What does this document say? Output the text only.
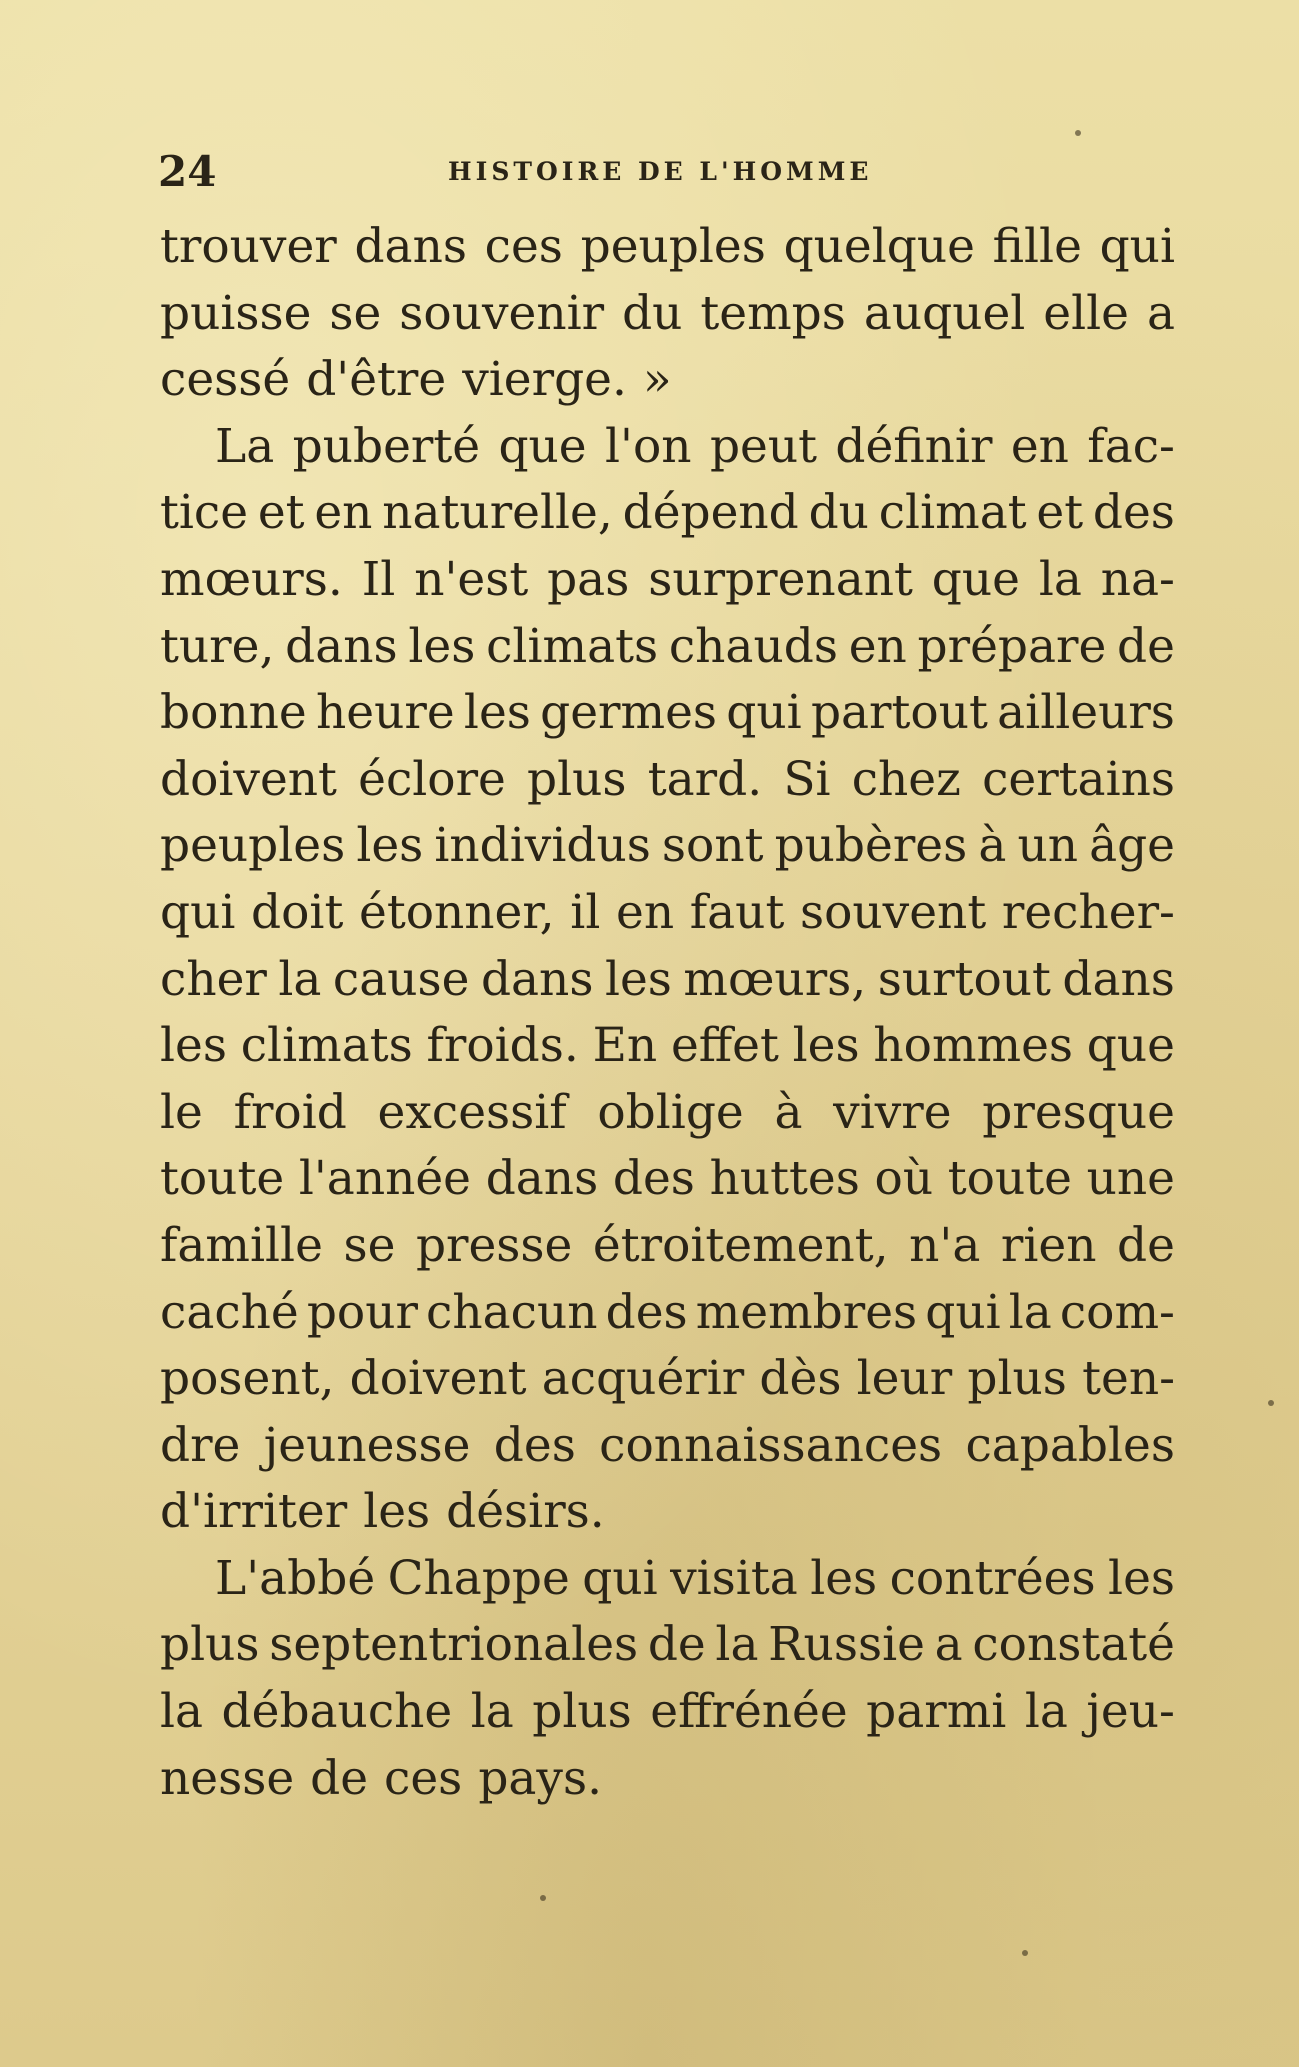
24	HISTOIRE DE L'HOMME
trouver dans ces peuples quelque fille qui
puisse se souvenir du temps auquel elle a
cessé d'être vierge. »
La puberté que l'on peut définir en fac-
tice et en naturelle, dépend du climat et des
mœurs. Il n'est pas surprenant que la na-
ture, dans les climats chauds en prépare de
bonne heure les germes qui partout ailleurs
doivent éclore plus tard. Si chez certains
peuples les individus sont pubères à un âge
qui doit étonner, il en faut souvent recher-
cher la cause dans les mœurs, surtout dans
les climats froids. En effet les hommes que
le froid excessif oblige à vivre presque
toute l'année dans des huttes où toute une
famille se presse étroitement, n'a rien de
caché pour chacun des membres qui la com-
posent, doivent acquérir dès leur plus ten-
dre jeunesse des connaissances capables
d'irriter les désirs.
L'abbé Chappe qui visita les contrées les
plus septentrionales de la Russie a constaté
la débauche la plus effrénée parmi la jeu-
nesse de ces pays.
